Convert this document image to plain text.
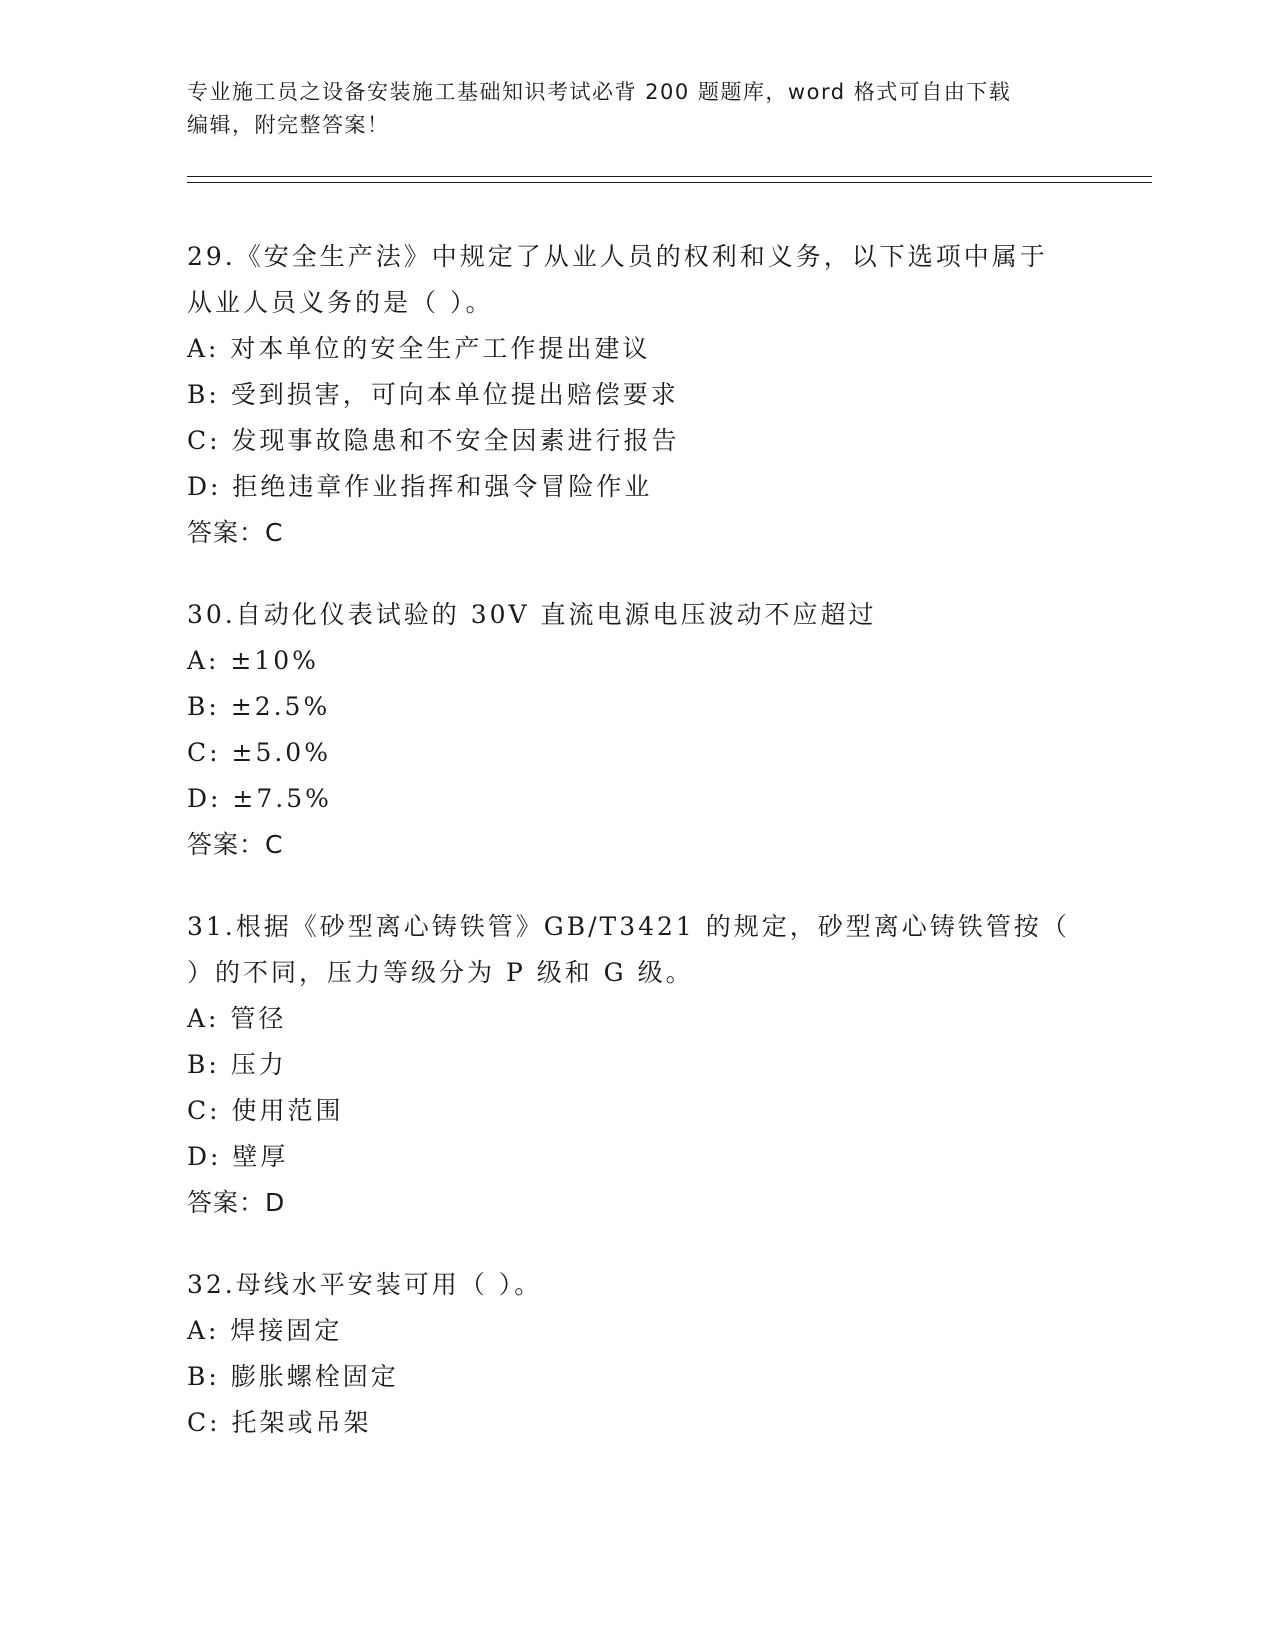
专业施工员之设备安装施工基础知识考试必背 200 题题库，word 格式可自由下载
编辑，附完整答案！
29.《安全生产法》中规定了从业人员的权利和义务，以下选项中属于
从业人员义务的是（ ）。
A: 对本单位的安全生产工作提出建议
B: 受到损害，可向本单位提出赔偿要求
C: 发现事故隐患和不安全因素进行报告
D: 拒绝违章作业指挥和强令冒险作业
答案：C
30.自动化仪表试验的 30V 直流电源电压波动不应超过
A: ±10%
B: ±2.5%
C: ±5.0%
D: ±7.5%
答案：C
31.根据《砂型离心铸铁管》GB/T3421 的规定，砂型离心铸铁管按（
）的不同，压力等级分为 P 级和 G 级。
A: 管径
B: 压力
C: 使用范围
D: 壁厚
答案：D
32.母线水平安装可用（ ）。
A: 焊接固定
B: 膨胀螺栓固定
C: 托架或吊架
